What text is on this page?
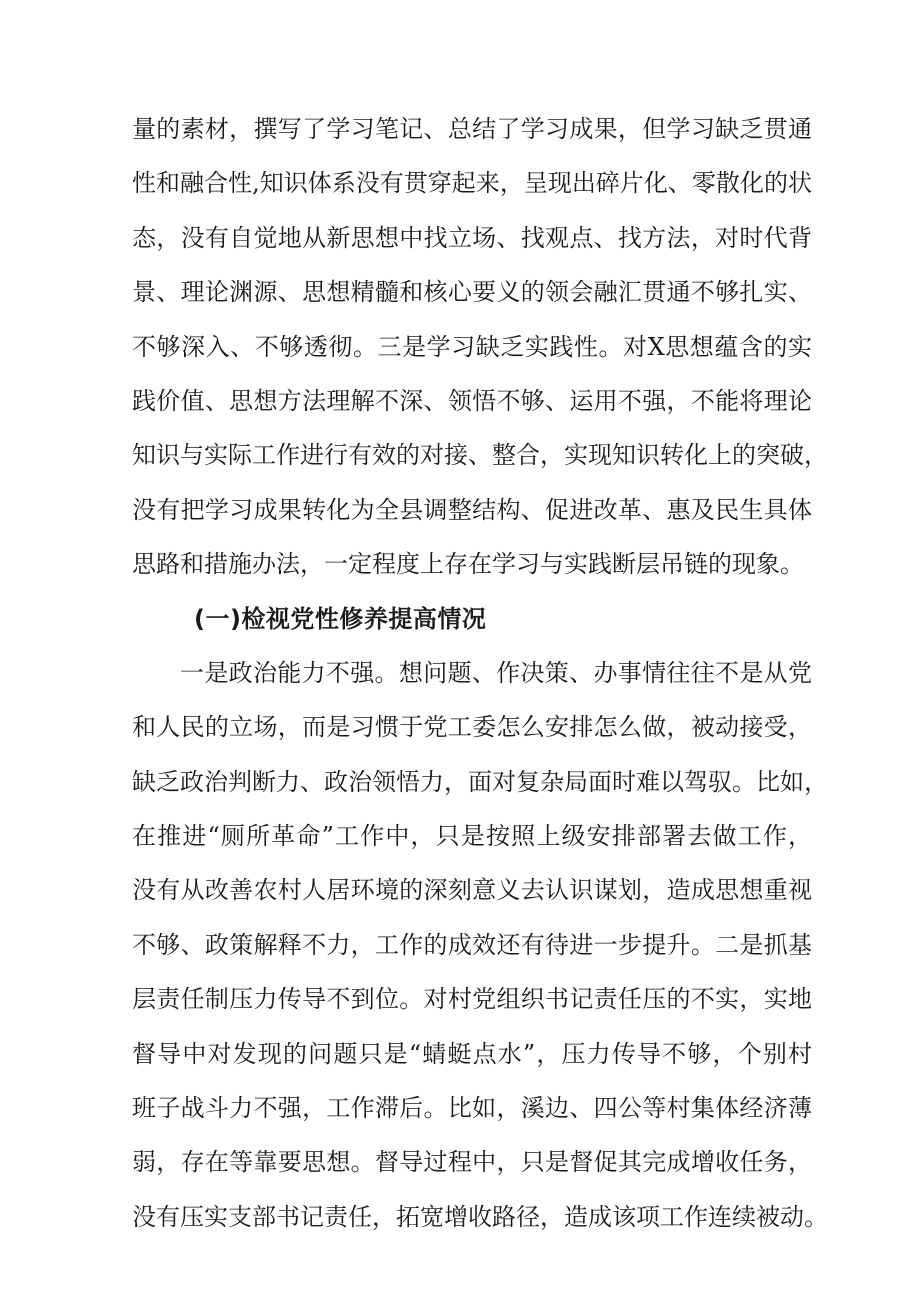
量的素材，撰写了学习笔记、总结了学习成果，但学习缺乏贯通
性和融合性,知识体系没有贯穿起来，呈现出碎片化、零散化的状
态，没有自觉地从新思想中找立场、找观点、找方法，对时代背
景、理论渊源、思想精髓和核心要义的领会融汇贯通不够扎实、
不够深入、不够透彻。三是学习缺乏实践性。对X思想蕴含的实
践价值、思想方法理解不深、领悟不够、运用不强，不能将理论
知识与实际工作进行有效的对接、整合，实现知识转化上的突破，
没有把学习成果转化为全县调整结构、促进改革、惠及民生具体
思路和措施办法，一定程度上存在学习与实践断层吊链的现象。
(一)检视党性修养提高情况
一是政治能力不强。想问题、作决策、办事情往往不是从党
和人民的立场，而是习惯于党工委怎么安排怎么做，被动接受，
缺乏政治判断力、政治领悟力，面对复杂局面时难以驾驭。比如，
在推进“厕所革命”工作中，只是按照上级安排部署去做工作，
没有从改善农村人居环境的深刻意义去认识谋划，造成思想重视
不够、政策解释不力，工作的成效还有待进一步提升。二是抓基
层责任制压力传导不到位。对村党组织书记责任压的不实，实地
督导中对发现的问题只是“蜻蜓点水”，压力传导不够，个别村
班子战斗力不强，工作滞后。比如，溪边、四公等村集体经济薄
弱，存在等靠要思想。督导过程中，只是督促其完成增收任务，
没有压实支部书记责任，拓宽增收路径，造成该项工作连续被动。
